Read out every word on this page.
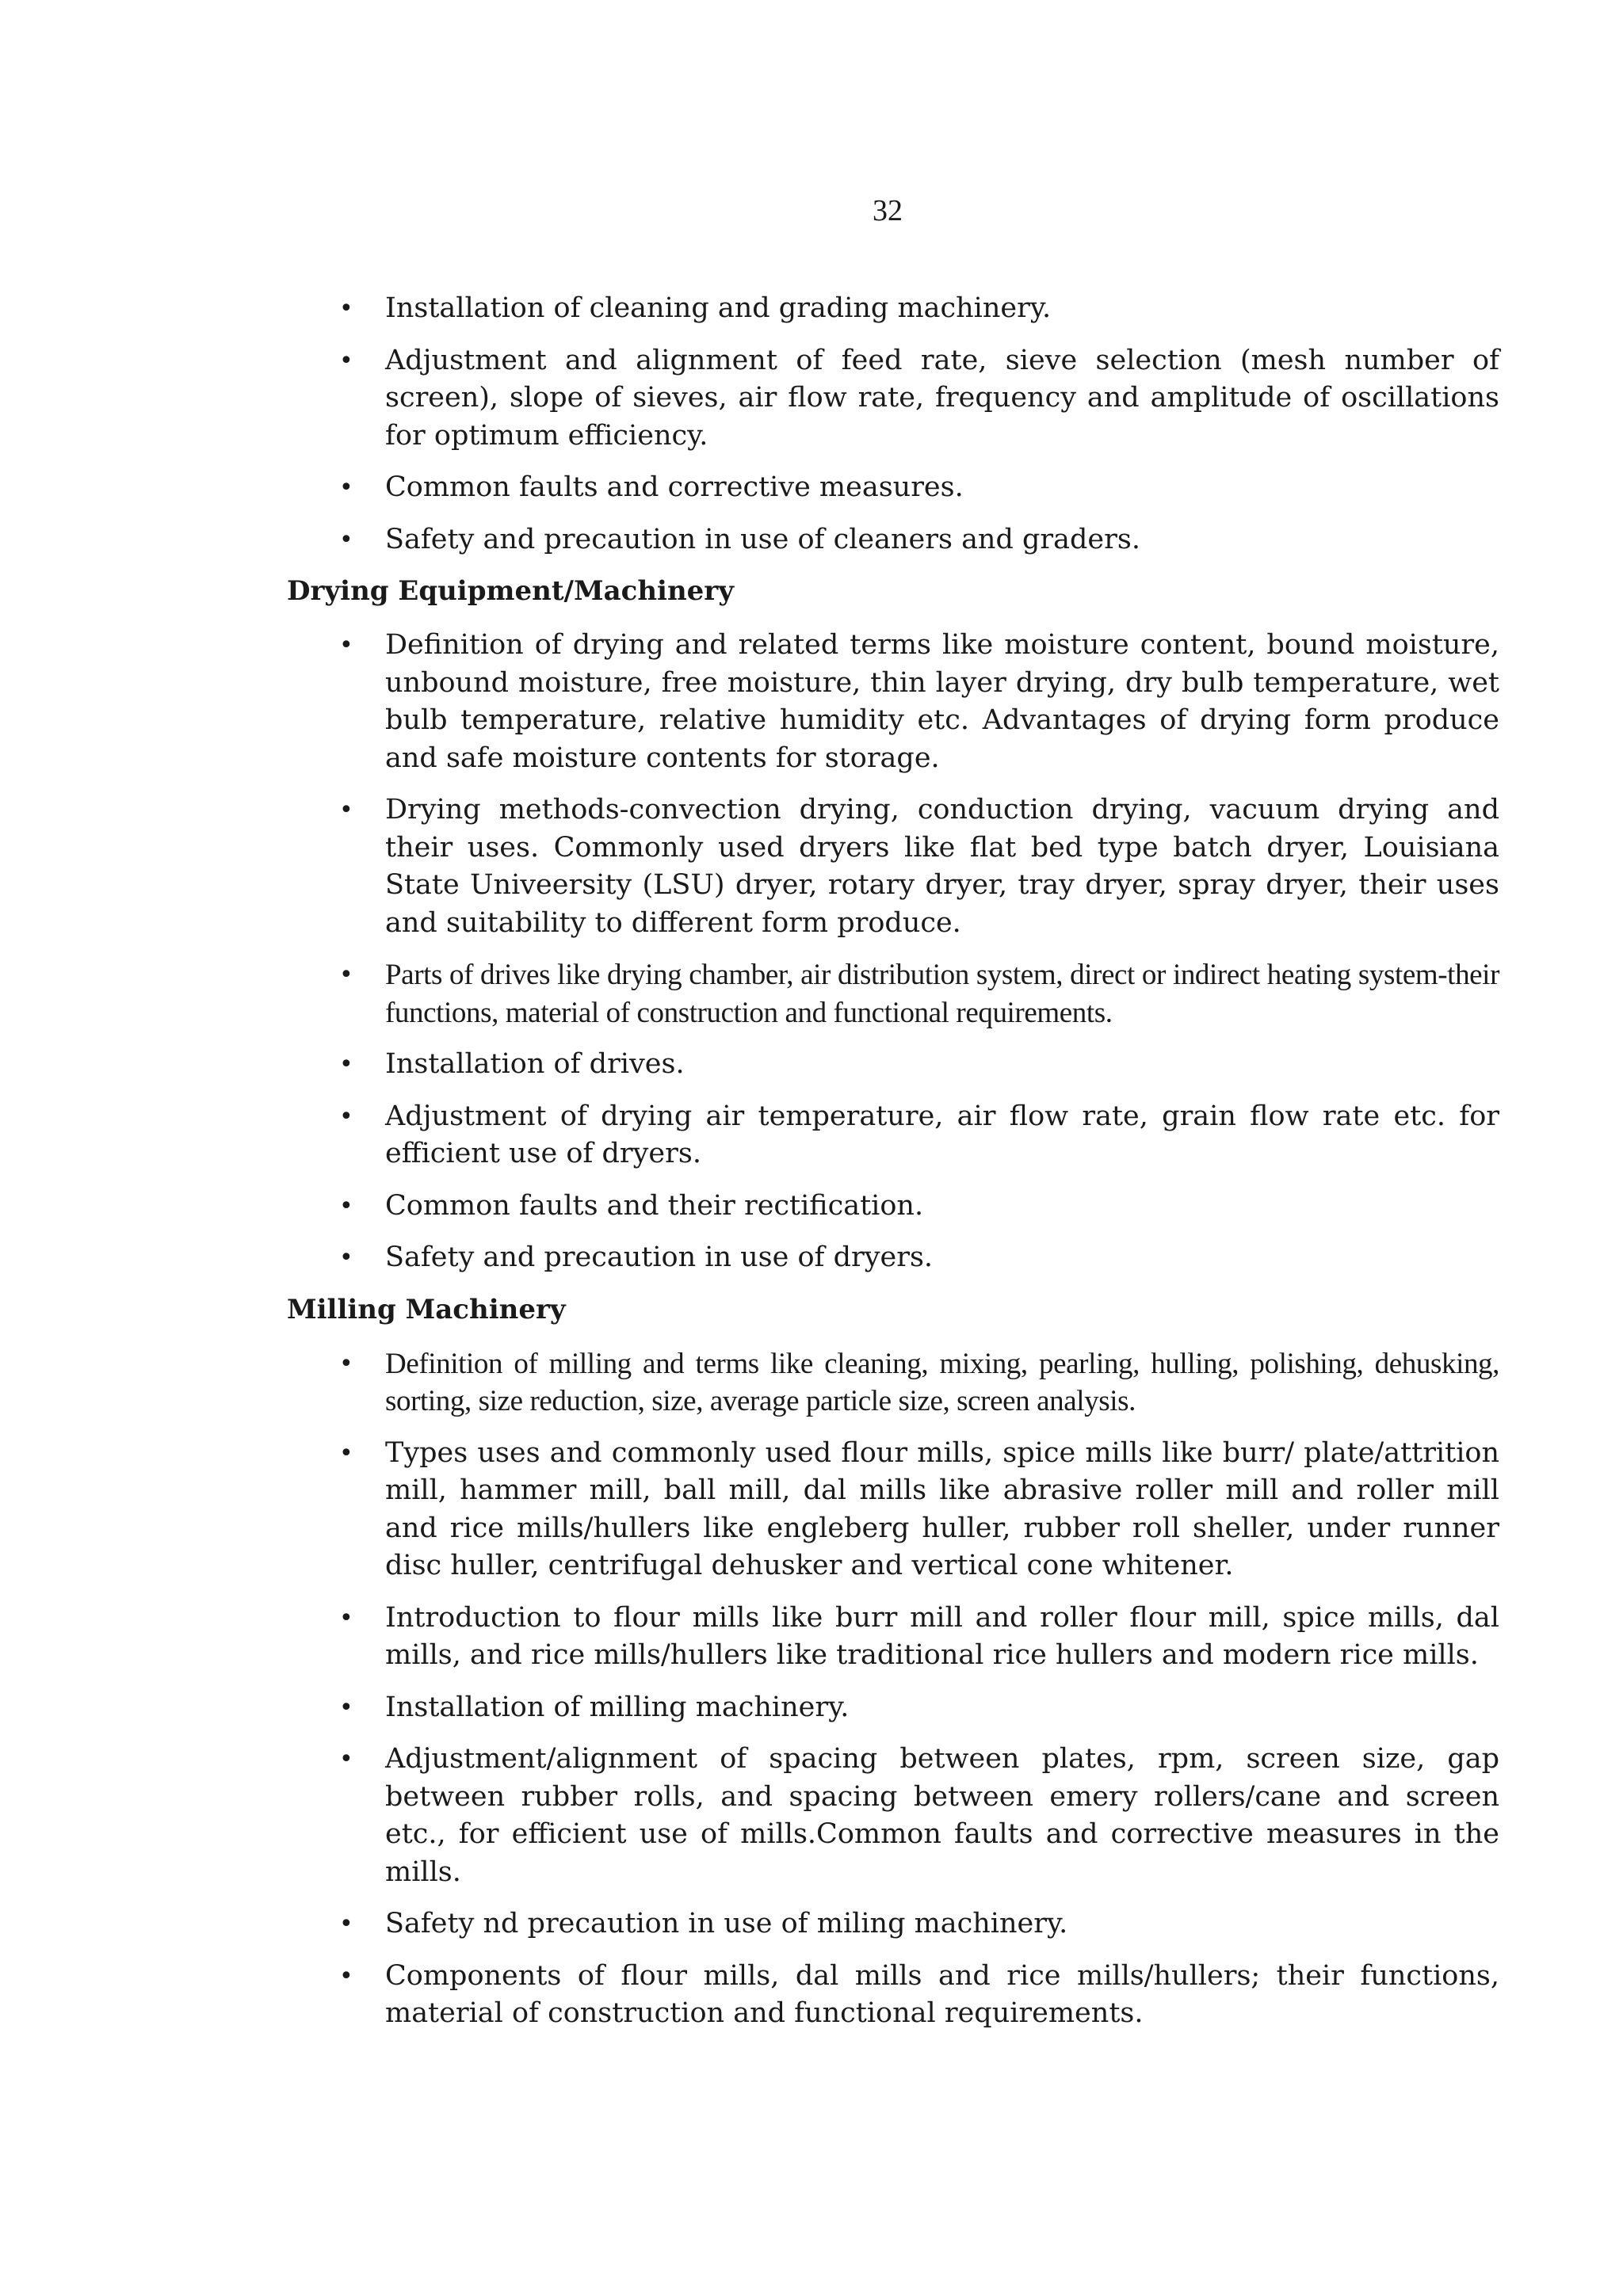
32
• Installation of cleaning and grading machinery.
• Adjustment and alignment of feed rate, sieve selection (mesh number of screen), slope of sieves, air flow rate, frequency and amplitude of oscillations for optimum efficiency.
• Common faults and corrective measures.
• Safety and precaution in use of cleaners and graders.
Drying Equipment/Machinery
• Definition of drying and related terms like moisture content, bound moisture, unbound moisture, free moisture, thin layer drying, dry bulb temperature, wet bulb temperature, relative humidity etc. Advantages of drying form produce and safe moisture contents for storage.
• Drying methods-convection drying, conduction drying, vacuum drying and their uses. Commonly used dryers like flat bed type batch dryer, Louisiana State Univeersity (LSU) dryer, rotary dryer, tray dryer, spray dryer, their uses and suitability to different form produce.
• Parts of drives like drying chamber, air distribution system, direct or indirect heating system-their functions, material of construction and functional requirements.
• Installation of drives.
• Adjustment of drying air temperature, air flow rate, grain flow rate etc. for efficient use of dryers.
• Common faults and their rectification.
• Safety and precaution in use of dryers.
Milling Machinery
• Definition of milling and terms like cleaning, mixing, pearling, hulling, polishing, dehusking, sorting, size reduction, size, average particle size, screen analysis.
• Types uses and commonly used flour mills, spice mills like burr/ plate/attrition mill, hammer mill, ball mill, dal mills like abrasive roller mill and roller mill and rice mills/hullers like engleberg huller, rubber roll sheller, under runner disc huller, centrifugal dehusker and vertical cone whitener.
• Introduction to flour mills like burr mill and roller flour mill, spice mills, dal mills, and rice mills/hullers like traditional rice hullers and modern rice mills.
• Installation of milling machinery.
• Adjustment/alignment of spacing between plates, rpm, screen size, gap between rubber rolls, and spacing between emery rollers/cane and screen etc., for efficient use of mills.Common faults and corrective measures in the mills.
• Safety nd precaution in use of miling machinery.
• Components of flour mills, dal mills and rice mills/hullers; their functions, material of construction and functional requirements.
